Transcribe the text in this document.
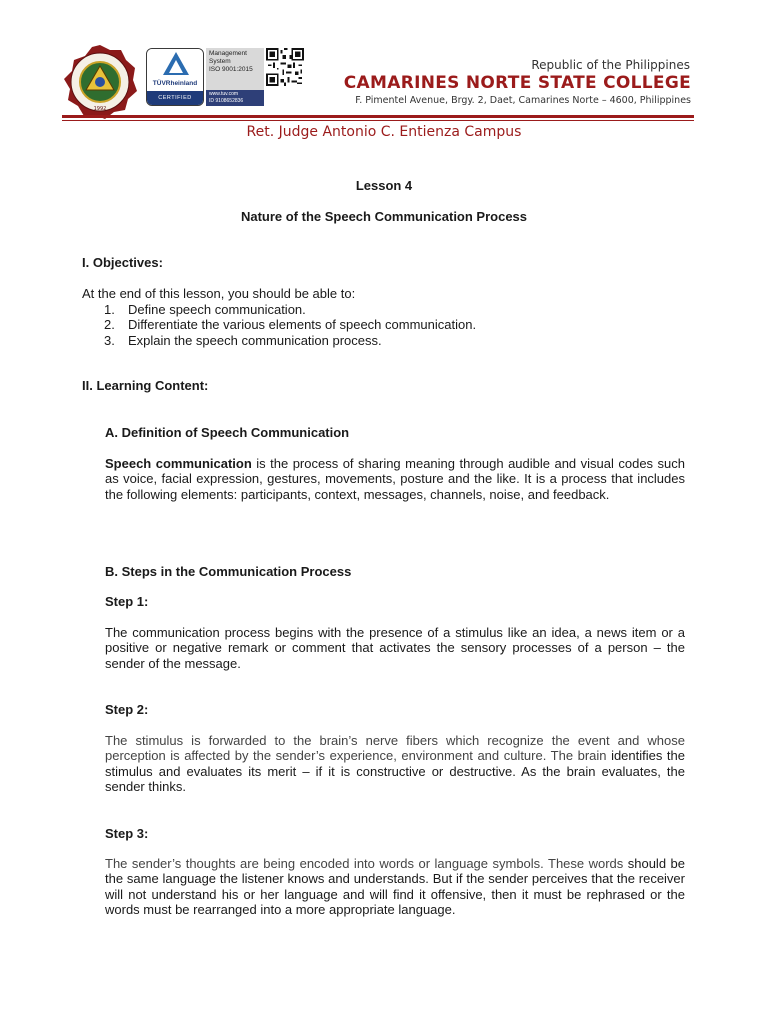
1992
TÜVRheinland
CERTIFIED
Management
System
ISO 9001:2015
www.tuv.com
ID 9108652836
Republic of the Philippines
CAMARINES NORTE STATE COLLEGE
F. Pimentel Avenue, Brgy. 2, Daet, Camarines Norte – 4600, Philippines
Ret. Judge Antonio C. Entienza Campus
Lesson 4
Nature of the Speech Communication Process
I. Objectives:
At the end of this lesson, you should be able to:
1. Define speech communication.
2. Differentiate the various elements of speech communication.
3. Explain the speech communication process.
II. Learning Content:
A. Definition of Speech Communication
Speech communication is the process of sharing meaning through audible and visual codes such as voice, facial expression, gestures, movements, posture and the like. It is a process that includes the following elements: participants, context, messages, channels, noise, and feedback.
B. Steps in the Communication Process
Step 1:
The communication process begins with the presence of a stimulus like an idea, a news item or a positive or negative remark or comment that activates the sensory processes of a person – the sender of the message.
Step 2:
The stimulus is forwarded to the brain’s nerve fibers which recognize the event and whose perception is affected by the sender’s experience, environment and culture. The brain identifies the stimulus and evaluates its merit – if it is constructive or destructive. As the brain evaluates, the sender thinks.
Step 3:
The sender’s thoughts are being encoded into words or language symbols. These words should be the same language the listener knows and understands. But if the sender perceives that the receiver will not understand his or her language and will find it offensive, then it must be rephrased or the words must be rearranged into a more appropriate language.
